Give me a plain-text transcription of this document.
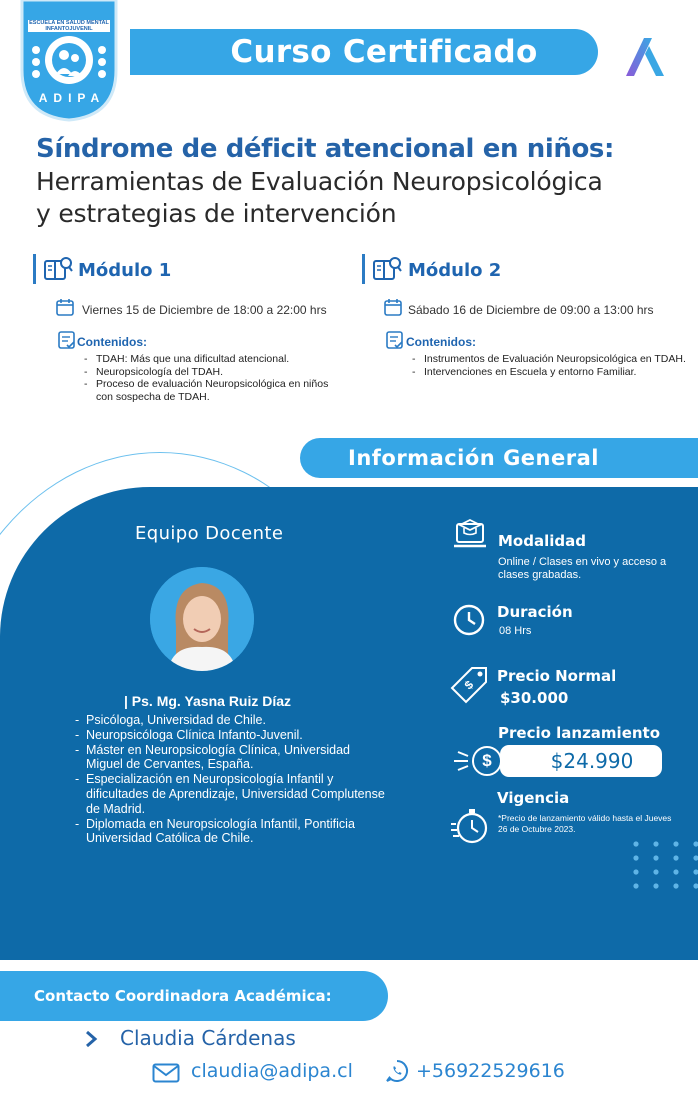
Curso Certificado
ESCUELA EN SALUD MENTAL INFANTOJUVENIL
ADIPA
Síndrome de déficit atencional en niños:
Herramientas de Evaluación Neuropsicológica
y estrategias de intervención
Módulo 1
Viernes 15 de Diciembre de 18:00 a 22:00 hrs
Contenidos:
- TDAH: Más que una dificultad atencional.
- Neuropsicología del TDAH.
- Proceso de evaluación Neuropsicológica en niños con sospecha de TDAH.
Módulo 2
Sábado 16 de Diciembre de 09:00 a 13:00 hrs
Contenidos:
- Instrumentos de Evaluación Neuropsicológica en TDAH.
- Intervenciones en Escuela y entorno Familiar.
Información General
Equipo Docente
| Ps. Mg. Yasna Ruiz Díaz
- Psicóloga, Universidad de Chile.
- Neuropsicóloga Clínica Infanto-Juvenil.
- Máster en Neuropsicología Clínica, Universidad Miguel de Cervantes, España.
- Especialización en Neuropsicología Infantil y dificultades de Aprendizaje, Universidad Complutense de Madrid.
- Diplomada en Neuropsicología Infantil, Pontificia Universidad Católica de Chile.
Modalidad
Online / Clases en vivo y acceso a clases grabadas.
Duración
08 Hrs
$
Precio Normal
$30.000
Precio lanzamiento
$24.990
$
Vigencia
*Precio de lanzamiento válido hasta el Jueves 26 de Octubre 2023.
Contacto Coordinadora Académica:
Claudia Cárdenas
claudia@adipa.cl	+56922529616
